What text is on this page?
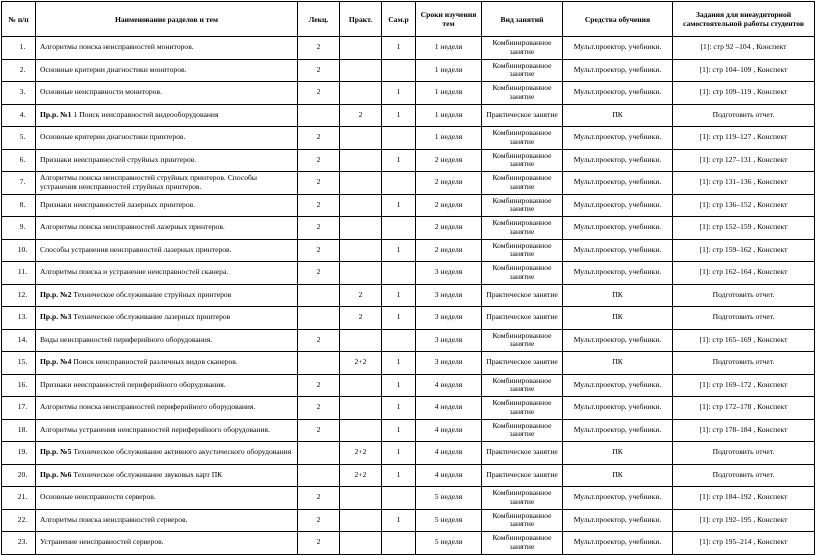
№ п/п	Наименование разделов и тем	Лекц.	Практ.	Сам.р	Сроки изучения тем	Вид занятий	Средства обучения	Задания для внеаудиторной самостоятельной работы студентов
1.	Алгоритмы поиска неисправностей мониторов.	2		1	1 неделя	Комбинированное занятие	Мульт.проектор, учебники.	[1]: стр 92 –104 , Конспект
2.	Основные критерии диагностики мониторов.	2			1 неделя	Комбинированное занятие	Мульт.проектор, учебники.	[1]: стр 104–109 , Конспект
3.	Основные неисправности мониторов.	2		1	1 неделя	Комбинированное занятие	Мульт.проектор, учебники.	[1]: стр 109–119 , Конспект
4.	Пр.р. №1 1 Поиск неисправностей видеооборудования		2	1	1 неделя	Практическое занятие	ПК	Подготовить отчет.
5.	Основные критерии диагностики принтеров.	2			1 неделя	Комбинированное занятие	Мульт.проектор, учебники.	[1]: стр 119–127 , Конспект
6.	Признаки неисправностей струйных принтеров.	2		1	2 неделя	Комбинированное занятие	Мульт.проектор, учебники.	[1]: стр 127–131 , Конспект
7.	Алгоритмы поиска неисправностей струйных принтеров. Способы устранения неисправностей струйных принтеров.	2			2 неделя	Комбинированное занятие	Мульт.проектор, учебники.	[1]: стр 131–136 , Конспект
8.	Признаки неисправностей лазерных принтеров.	2		1	2 неделя	Комбинированное занятие	Мульт.проектор, учебники.	[1]: стр 136–152 , Конспект
9.	Алгоритмы поиска неисправностей лазерных принтеров.	2			2 неделя	Комбинированное занятие	Мульт.проектор, учебники.	[1]: стр 152–159 , Конспект
10.	Способы устранения неисправностей лазерных принтеров.	2		1	2 неделя	Комбинированное занятие	Мульт.проектор, учебники.	[1]: стр 159–162 , Конспект
11.	Алгоритмы поиска и устранение неисправностей сканера.	2			3 неделя	Комбинированное занятие	Мульт.проектор, учебники.	[1]: стр 162–164 , Конспект
12.	Пр.р. №2 Техническое обслуживание струйных принтеров		2	1	3 неделя	Практическое занятие	ПК	Подготовить отчет.
13.	Пр.р. №3 Техническое обслуживание лазерных принтеров		2	1	3 неделя	Практическое занятие	ПК	Подготовить отчет.
14.	Виды неисправностей периферийного оборудования.	2			3 неделя	Комбинированное занятие	Мульт.проектор, учебники.	[1]: стр 165–169 , Конспект
15.	Пр.р. №4 Поиск неисправностей различных видов сканеров.		2+2	1	3 неделя	Практическое занятие	ПК	Подготовить отчет.
16.	Признаки неисправностей периферийного оборудования.	2		1	4 неделя	Комбинированное занятие	Мульт.проектор, учебники.	[1]: стр 169–172 , Конспект
17.	Алгоритмы поиска неисправностей периферийного оборудования.	2		1	4 неделя	Комбинированное занятие	Мульт.проектор, учебники.	[1]: стр 172–178 , Конспект
18.	Алгоритмы устранения неисправностей периферийного оборудования.	2		1	4 неделя	Комбинированное занятие	Мульт.проектор, учебники.	[1]: стр 178–184 , Конспект
19.	Пр.р. №5 Техническое обслуживание активного акустического оборудования		2+2	1	4 неделя	Практическое занятие	ПК	Подготовить отчет.
20.	Пр.р. №6 Техническое обслуживание звуковых карт ПК		2+2	1	4 неделя	Практическое занятие	ПК	Подготовить отчет.
21.	Основные неисправности серверов.	2			5 неделя	Комбинированное занятие	Мульт.проектор, учебники.	[1]: стр 184–192 , Конспект
22.	Алгоритмы поиска неисправностей серверов.	2		1	5 неделя	Комбинированное занятие	Мульт.проектор, учебники.	[1]: стр 192–195 , Конспект
23.	Устранение неисправностей серверов.	2			5 неделя	Комбинированное занятие	Мульт.проектор, учебники.	[1]: стр 195–214 , Конспект
